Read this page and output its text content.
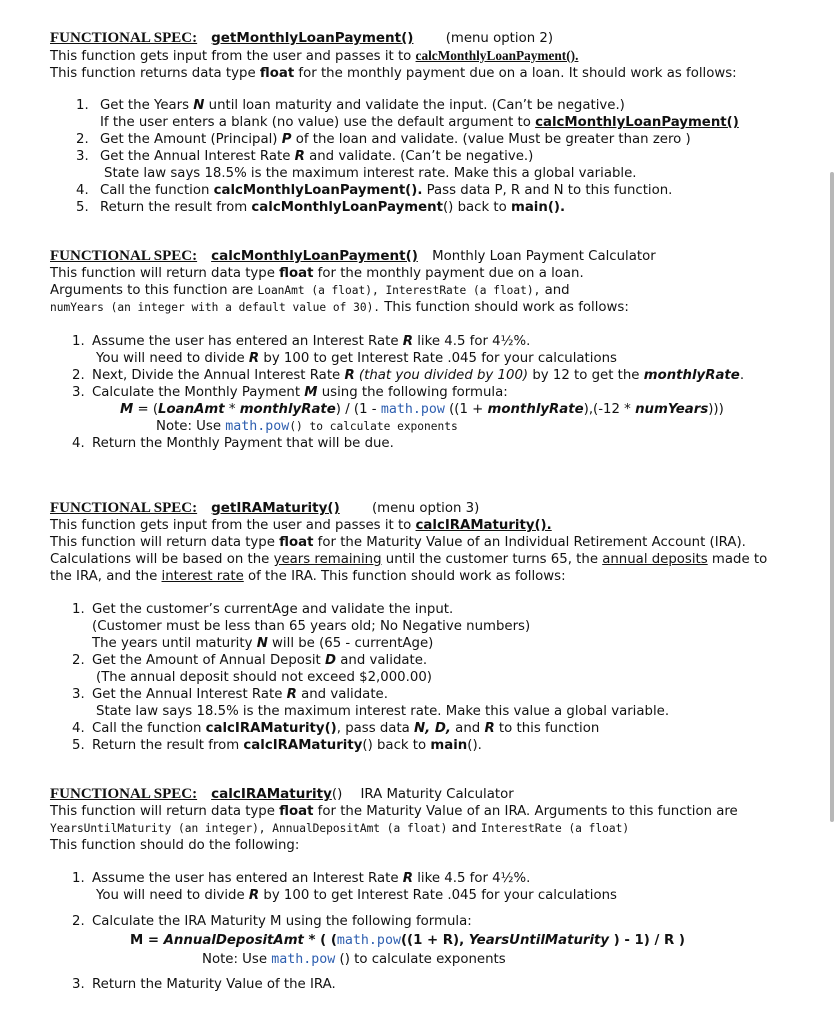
FUNCTIONAL SPEC: getMonthlyLoanPayment() (menu option 2)
This function gets input from the user and passes it to calcMonthlyLoanPayment().
This function returns data type float for the monthly payment due on a loan. It should work as follows:
1. Get the Years N until loan maturity and validate the input. (Can’t be negative.)
If the user enters a blank (no value) use the default argument to calcMonthlyLoanPayment()
2. Get the Amount (Principal) P of the loan and validate. (value Must be greater than zero )
3. Get the Annual Interest Rate R and validate. (Can’t be negative.)
State law says 18.5% is the maximum interest rate. Make this a global variable.
4. Call the function calcMonthlyLoanPayment(). Pass data P, R and N to this function.
5. Return the result from calcMonthlyLoanPayment() back to main().
FUNCTIONAL SPEC: calcMonthlyLoanPayment() Monthly Loan Payment Calculator
This function will return data type float for the monthly payment due on a loan.
Arguments to this function are LoanAmt (a float), InterestRate (a float), and
numYears (an integer with a default value of 30). This function should work as follows:
1. Assume the user has entered an Interest Rate R like 4.5 for 4½%.
You will need to divide R by 100 to get Interest Rate .045 for your calculations
2. Next, Divide the Annual Interest Rate R (that you divided by 100) by 12 to get the monthlyRate.
3. Calculate the Monthly Payment M using the following formula:
M = (LoanAmt * monthlyRate) / (1 - math.pow ((1 + monthlyRate),(-12 * numYears)))
Note: Use math.pow() to calculate exponents
4. Return the Monthly Payment that will be due.
FUNCTIONAL SPEC: getIRAMaturity() (menu option 3)
This function gets input from the user and passes it to calcIRAMaturity().
This function will return data type float for the Maturity Value of an Individual Retirement Account (IRA).
Calculations will be based on the years remaining until the customer turns 65, the annual deposits made to
the IRA, and the interest rate of the IRA. This function should work as follows:
1. Get the customer’s currentAge and validate the input.
(Customer must be less than 65 years old; No Negative numbers)
The years until maturity N will be (65 - currentAge)
2. Get the Amount of Annual Deposit D and validate.
(The annual deposit should not exceed $2,000.00)
3. Get the Annual Interest Rate R and validate.
State law says 18.5% is the maximum interest rate. Make this value a global variable.
4. Call the function calcIRAMaturity(), pass data N, D, and R to this function
5. Return the result from calcIRAMaturity() back to main().
FUNCTIONAL SPEC: calcIRAMaturity() IRA Maturity Calculator
This function will return data type float for the Maturity Value of an IRA. Arguments to this function are
YearsUntilMaturity (an integer), AnnualDepositAmt (a float) and InterestRate (a float)
This function should do the following:
1. Assume the user has entered an Interest Rate R like 4.5 for 4½%.
You will need to divide R by 100 to get Interest Rate .045 for your calculations
2. Calculate the IRA Maturity M using the following formula:
M = AnnualDepositAmt * ( (math.pow((1 + R), YearsUntilMaturity ) - 1) / R )
Note: Use math.pow () to calculate exponents
3. Return the Maturity Value of the IRA.
